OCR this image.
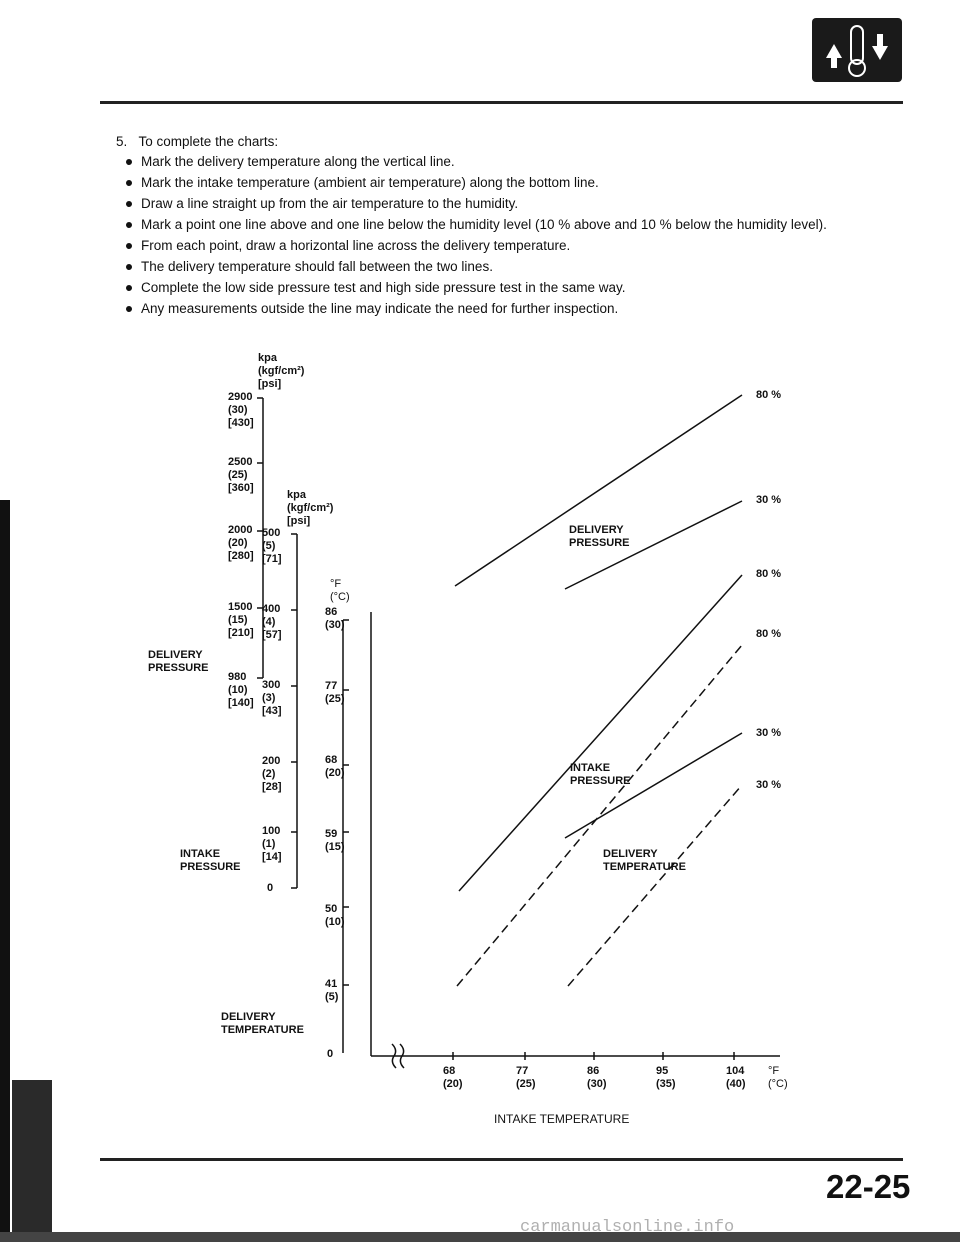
5. To complete the charts:
Mark the delivery temperature along the vertical line.
Mark the intake temperature (ambient air temperature) along the bottom line.
Draw a line straight up from the air temperature to the humidity.
Mark a point one line above and one line below the humidity level (10 % above and 10 % below the humidity level).
From each point, draw a horizontal line across the delivery temperature.
The delivery temperature should fall between the two lines.
Complete the low side pressure test and high side pressure test in the same way.
Any measurements outside the line may indicate the need for further inspection.
kpa
(kgf/cm²)
[psi]
2900
(30)
[430]
2500
(25)
[360]
2000
(20)
[280]
1500
(15)
[210]
980
(10)
[140]
DELIVERY PRESSURE
kpa
(kgf/cm²)
[psi]
500
(5)
[71]
400
(4)
[57]
300
(3)
[43]
200
(2)
[28]
100
(1)
[14]
0
INTAKE PRESSURE
°F
(°C)
86
(30)
77
(25)
68
(20)
59
(15)
50
(10)
41
(5)
0
DELIVERY TEMPERATURE
68
(20)
77
(25)
86
(30)
95
(35)
104
(40)
°F
(°C)
INTAKE TEMPERATURE
DELIVERY PRESSURE
INTAKE PRESSURE
DELIVERY TEMPERATURE
80 %
30 %
80 %
30 %
80 %
30 %
22-25
carmanualsonline.info
